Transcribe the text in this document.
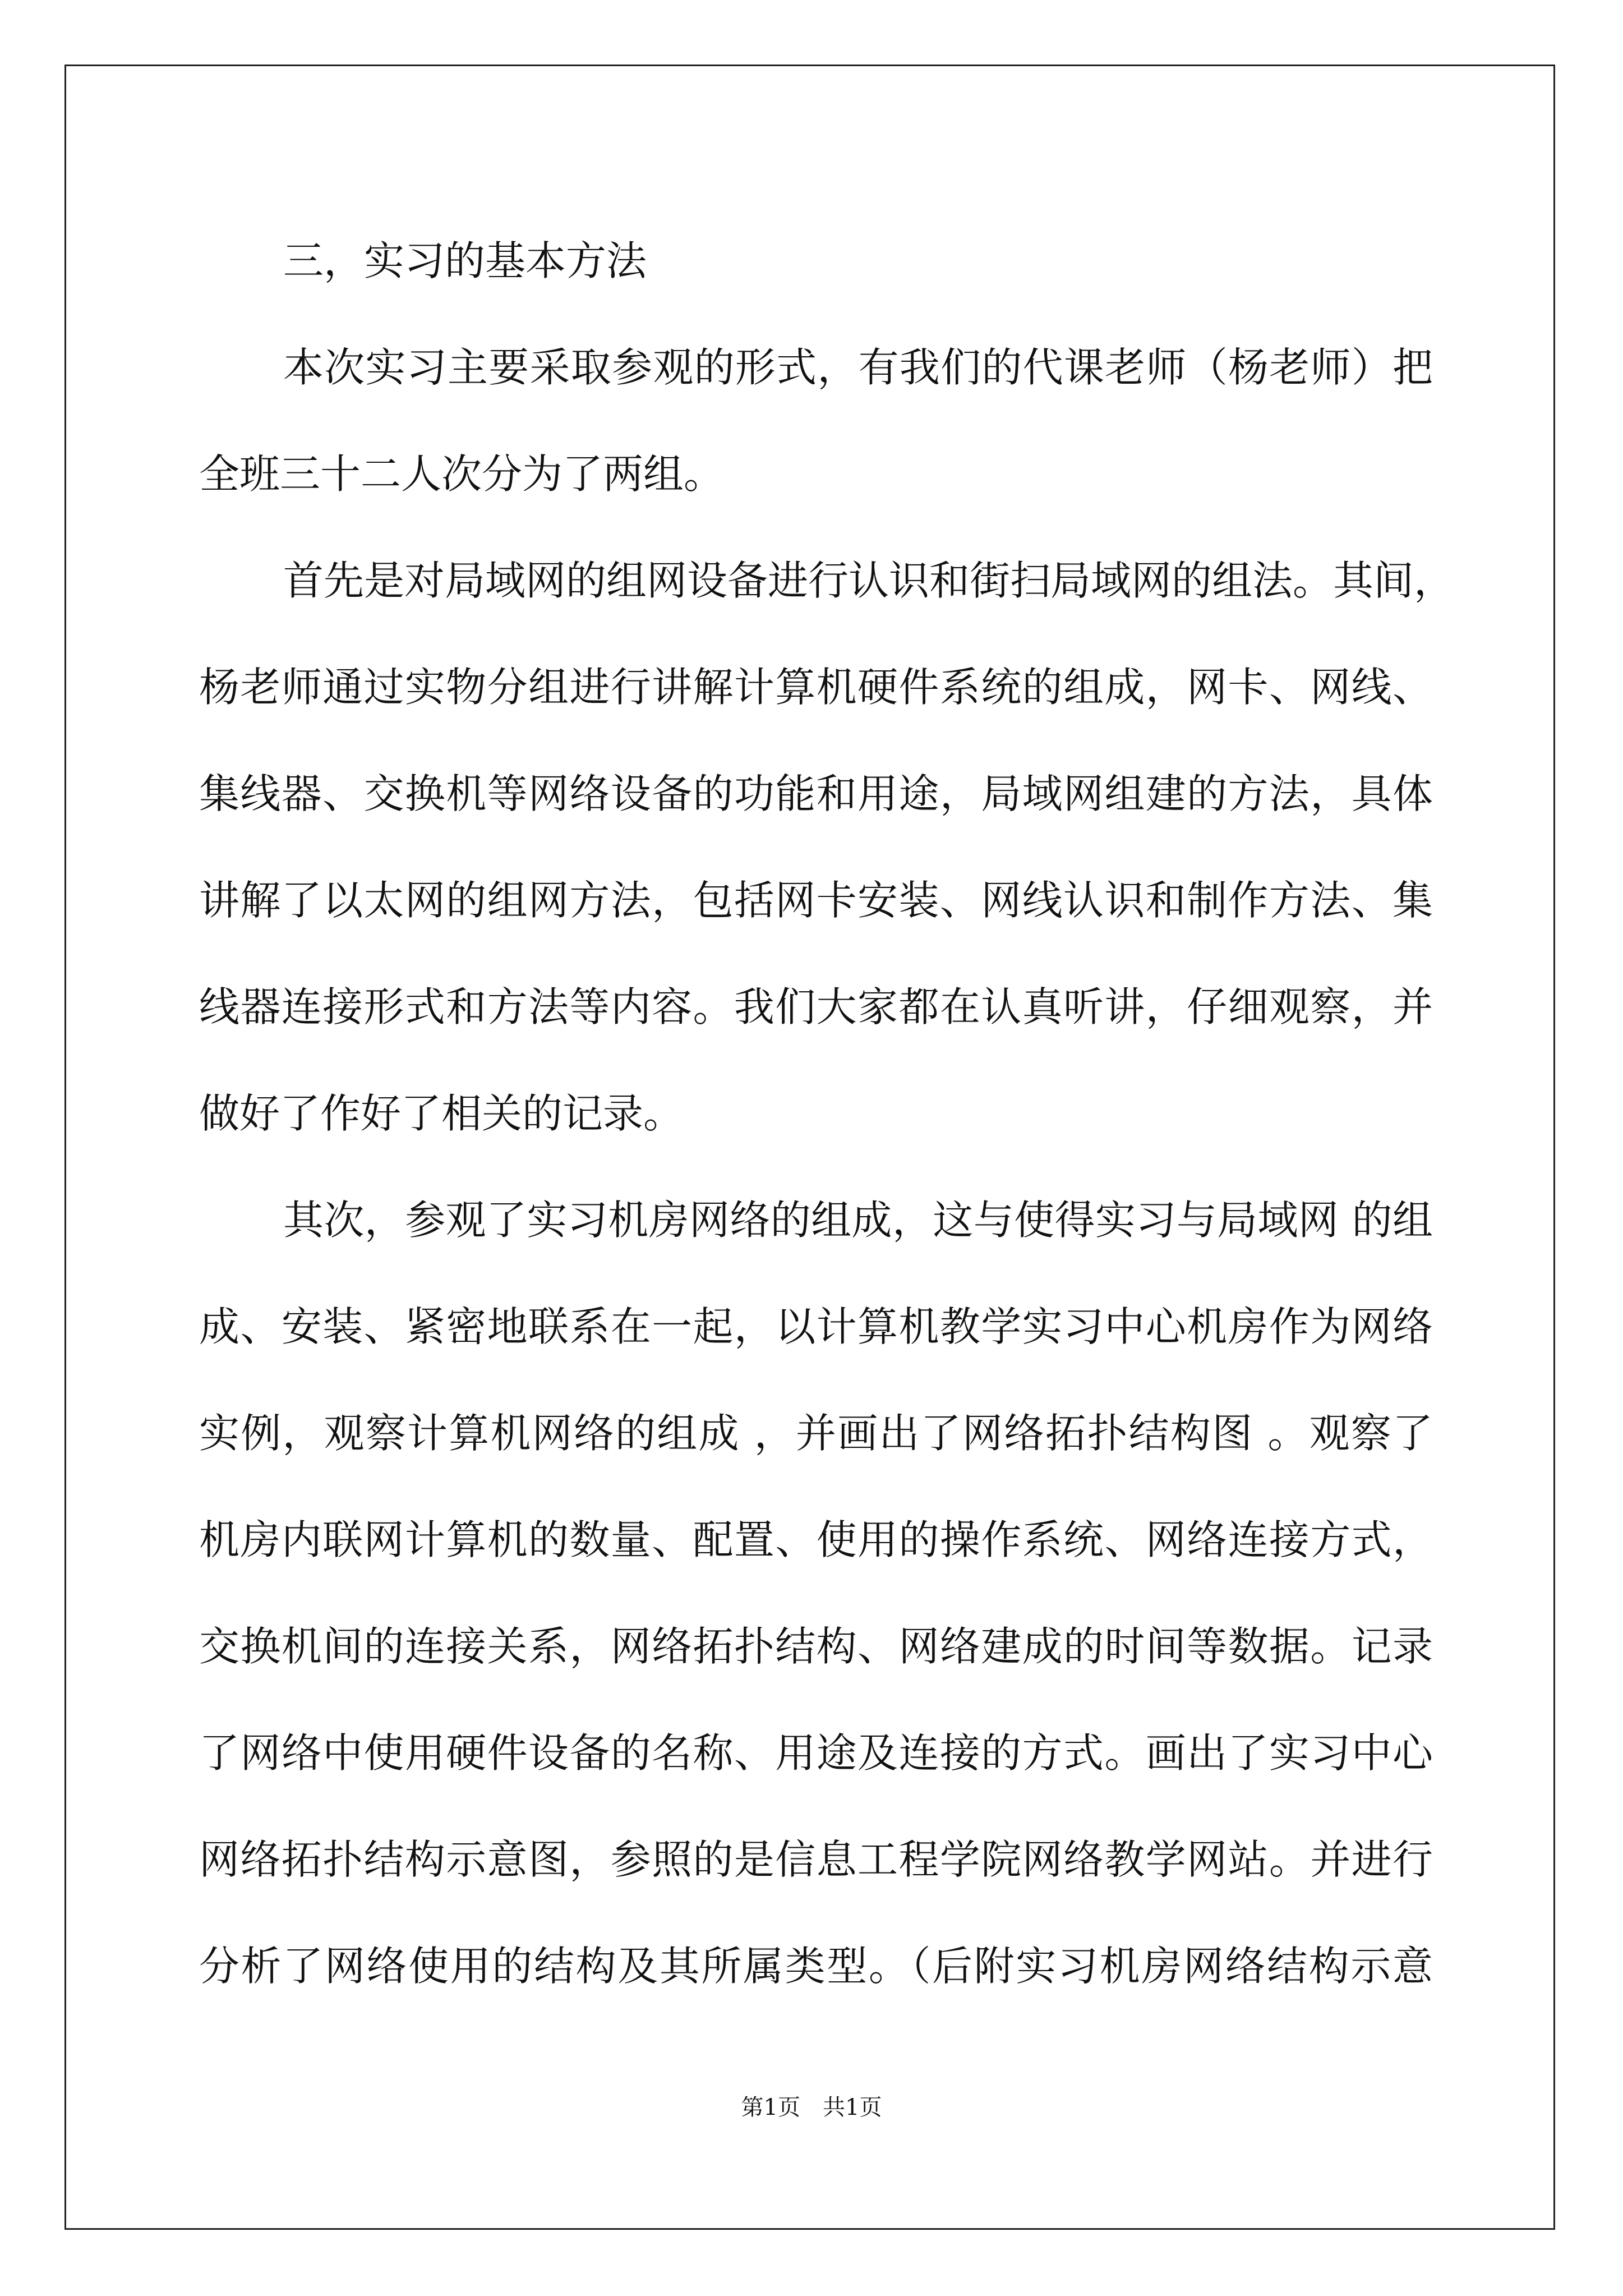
三，实习的基本方法
本次实习主要采取参观的形式，有我们的代课老师（杨老师）把
全班三十二人次分为了两组。
首先是对局域网的组网设备进行认识和街扫局域网的组法。其间，
杨老师通过实物分组进行讲解计算机硬件系统的组成，网卡、网线、
集线器、交换机等网络设备的功能和用途，局域网组建的方法，具体
讲解了以太网的组网方法，包括网卡安装、网线认识和制作方法、集
线器连接形式和方法等内容。我们大家都在认真听讲，仔细观察，并
做好了作好了相关的记录。
其次，参观了实习机房网络的组成，这与使得实习与局域网 的组
成、安装、紧密地联系在一起，以计算机教学实习中心机房作为网络
实例，观察计算机网络的组成 ，并画出了网络拓扑结构图 。观察了
机房内联网计算机的数量、配置、使用的操作系统、网络连接方式，
交换机间的连接关系，网络拓扑结构、网络建成的时间等数据。记录
了网络中使用硬件设备的名称、用途及连接的方式。画出了实习中心
网络拓扑结构示意图，参照的是信息工程学院网络教学网站。并进行
分析了网络使用的结构及其所属类型。（后附实习机房网络结构示意
第1页 共1页
